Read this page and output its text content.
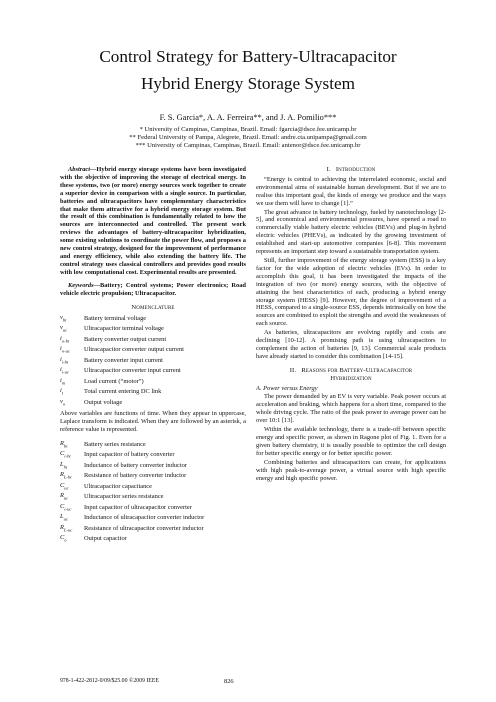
Control Strategy for Battery-Ultracapacitor
Hybrid Energy Storage System
F. S. Garcia*, A. A. Ferreira**, and J. A. Pomilio***
* University of Campinas, Campinas, Brazil. Email: fgarcia@dsce.fee.unicamp.br
** Federal University of Pampa, Alegrete, Brazil. Email: andre.cta.unipampa@gmail.com
*** University of Campinas, Campinas, Brazil. Email: antenor@dsce.fee.unicamp.br

Abstract—Hybrid energy storage systems have been investigated with the objective of improving the storage of electrical energy. In these systems, two (or more) energy sources work together to create a superior device in comparison with a single source. In particular, batteries and ultracapacitors have complementary characteristics that make them attractive for a hybrid energy storage system. But the result of this combination is fundamentally related to how the sources are interconnected and controlled. The present work reviews the advantages of battery-ultracapacitor hybridization, some existing solutions to coordinate the power flow, and proposes a new control strategy, designed for the improvement of performance and energy efficiency, while also extending the battery life. The control strategy uses classical controllers and provides good results with low computational cost. Experimental results are presented.

Keywords—Battery; Control systems; Power electronics; Road vehicle electric propulsion; Ultracapacitor.

Nomenclature
$v_{bt}$	Battery terminal voltage
$v_{uc}$	Ultracapacitor terminal voltage
$i_{o-bt}$	Battery converter output current
$i_{o-uc}$	Ultracapacitor converter output current
$i_{i-bt}$	Battery converter input current
$i_{i-uc}$	Ultracapacitor converter input current
$i_m$	Load current (“motor”)
$i_t$	Total current entering DC link
$v_o$	Output voltage

Above variables are functions of time. When they appear in uppercase, Laplace transform is indicated. When they are followed by an asterisk, a reference value is represented.

$R_{bt}$	Battery series resistance
$C_{i-bt}$	Input capacitor of battery converter
$L_{bt}$	Inductance of battery converter inductor
$R_{L-bt}$	Resistance of battery converter inductor
$C_{uc}$	Ultracapacitor capacitance
$R_{uc}$	Ultracapacitor series resistance
$C_{i-uc}$	Input capacitor of ultracapacitor converter
$L_{uc}$	Inductance of ultracapacitor converter inductor
$R_{L-uc}$	Resistance of ultracapacitor converter inductor
$C_o$	Output capacitor
I. Introduction

“Energy is central to achieving the interrelated economic, social and environmental aims of sustainable human development. But if we are to realise this important goal, the kinds of energy we produce and the ways we use them will have to change [1].”

The great advance in battery technology, fueled by nanotechnology [2-5], and economical and environmental pressures, have opened a road to commercially viable battery electric vehicles (BEVs) and plug-in hybrid electric vehicles (PHEVs), as indicated by the growing investment of established and start-up automotive companies [6-8]. This movement represents an important step toward a sustainable transportation system.

Still, further improvement of the energy storage system (ESS) is a key factor for the wide adoption of electric vehicles (EVs). In order to accomplish this goal, it has been investigated the impacts of the integration of two (or more) energy sources, with the objective of attaining the best characteristics of each, producing a hybrid energy storage system (HESS) [9]. However, the degree of improvement of a HESS, compared to a single-source ESS, depends intrinsically on how the sources are combined to exploit the strengths and avoid the weaknesses of each source.

As batteries, ultracapacitors are evolving rapidly and costs are declining [10-12]. A promising path is using ultracapacitors to complement the action of batteries [9, 13]. Commercial scale products have already started to consider this combination [14-15].

II. Reasons for Battery-Ultracapacitor
Hybridization
A. Power versus Energy

The power demanded by an EV is very variable. Peak power occurs at acceleration and braking, which happens for a short time, compared to the whole driving cycle. The ratio of the peak power to average power can be over 10:1 [13].

Within the available technology, there is a trade-off between specific energy and specific power, as shown in Ragone plot of Fig. 1. Even for a given battery chemistry, it is usually possible to optimize the cell design for better specific energy or for better specific power.

Combining batteries and ultracapacitors can create, for applications with high peak-to-average power, a virtual source with high specific energy and high specific power.

978-1-422-2812-0/09/$25.00 ©2009 IEEE	826
